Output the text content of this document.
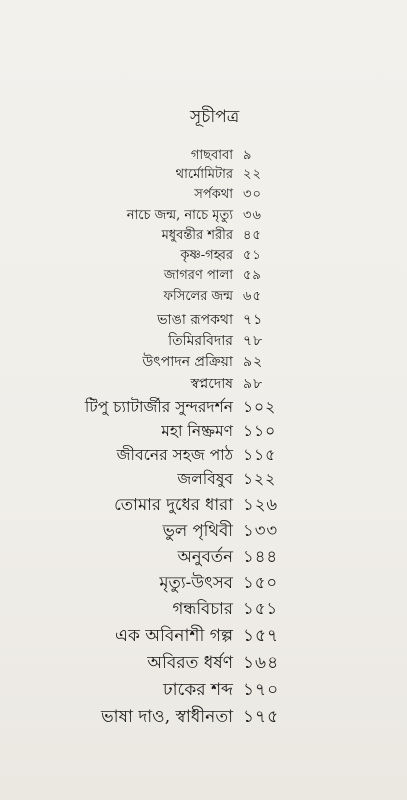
সূচীপত্র
গাছবাবা ৯
থার্মোমিটার ২২
সর্পকথা ৩০
নাচে জন্ম, নাচে মৃত্যু ৩৬
মধুবন্তীর শরীর ৪৫
কৃষ্ণ-গহ্বর ৫১
জাগরণ পালা ৫৯
ফসিলের জন্ম ৬৫
ভাঙা রূপকথা ৭১
তিমিরবিদার ৭৮
উৎপাদন প্রক্রিয়া ৯২
স্বপ্নদোষ ৯৮
টিপু চ্যাটার্জীর সুন্দরদর্শন ১০২
মহা নিষ্ক্রমণ ১১০
জীবনের সহজ পাঠ ১১৫
জলবিষুব ১২২
তোমার দুধের ধারা ১২৬
ভুল পৃথিবী ১৩৩
অনুবর্তন ১৪৪
মৃত্যু-উৎসব ১৫০
গন্ধবিচার ১৫১
এক অবিনাশী গল্প ১৫৭
অবিরত ধর্ষণ ১৬৪
ঢাকের শব্দ ১৭০
ভাষা দাও, স্বাধীনতা ১৭৫
